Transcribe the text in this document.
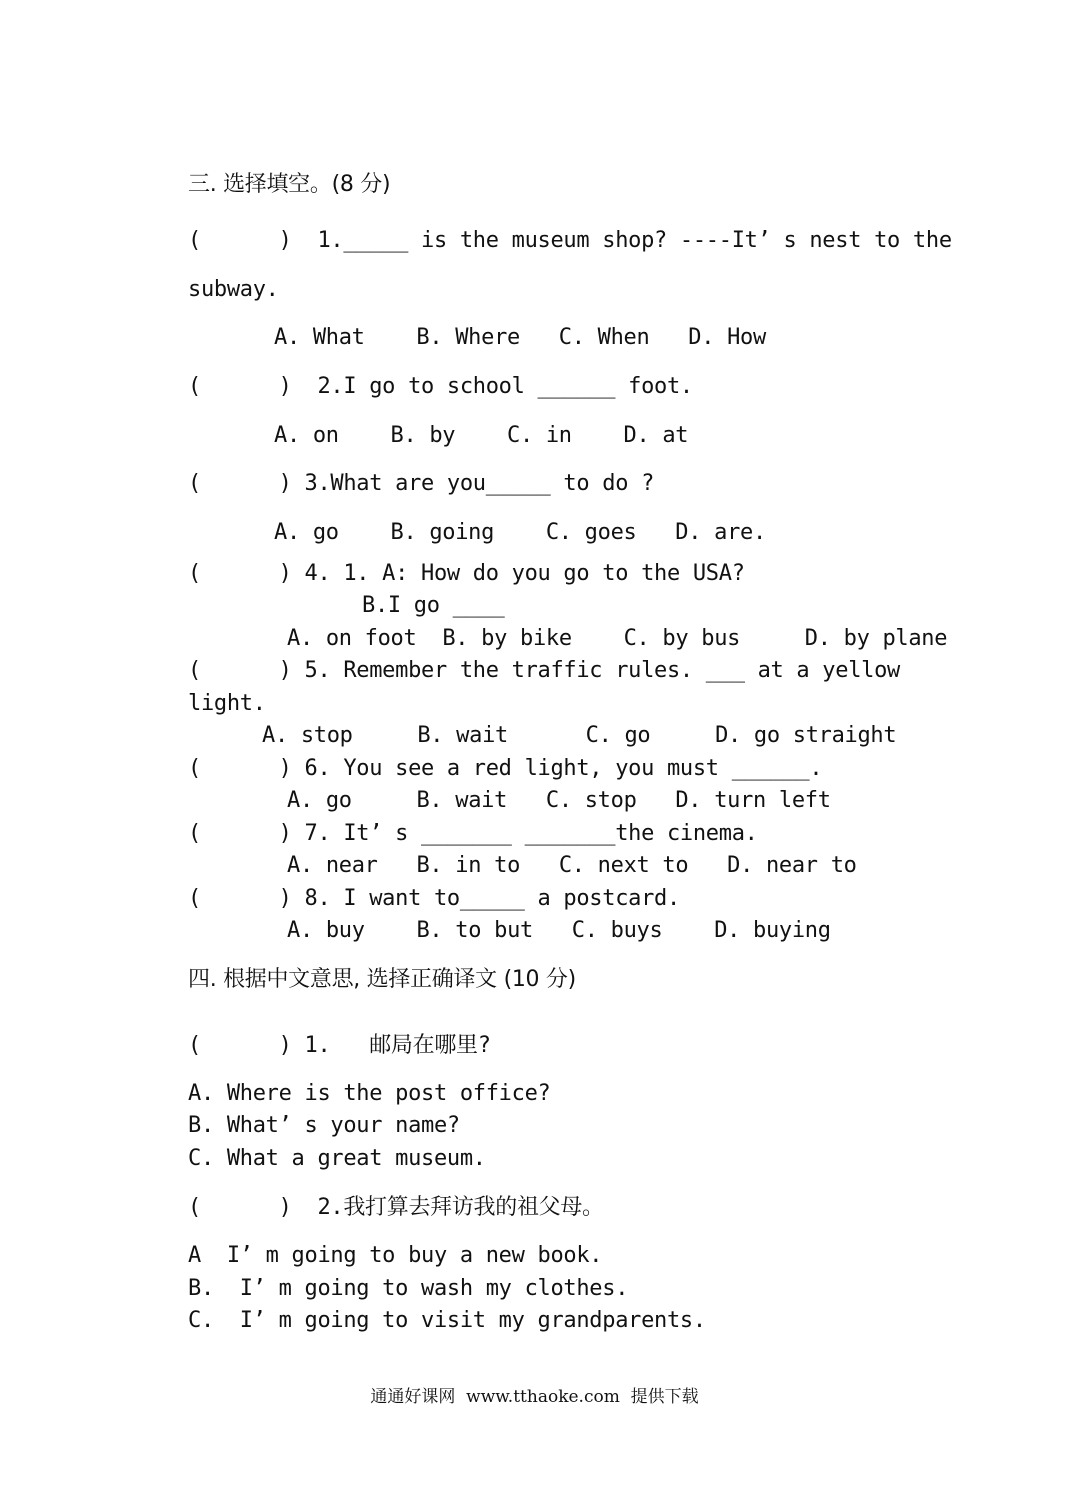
三. 选择填空。(8 分)
(      )  1._____ is the museum shop? ----It’ s nest to the
subway.
A. What    B. Where   C. When   D. How
(      )  2.I go to school ______ foot.
A. on    B. by    C. in    D. at
(      ) 3.What are you_____ to do ?
A. go    B. going    C. goes   D. are.
(      ) 4. 1. A: How do you go to the USA?
B.I go ____
A. on foot  B. by bike    C. by bus     D. by plane
(      ) 5. Remember the traffic rules. ___ at a yellow
light.
A. stop     B. wait      C. go     D. go straight
(      ) 6. You see a red light, you must ______.
A. go     B. wait   C. stop   D. turn left
(      ) 7. It’ s _______ _______the cinema.
A. near   B. in to   C. next to   D. near to
(      ) 8. I want to_____ a postcard.
A. buy    B. to but   C. buys    D. buying
四. 根据中文意思, 选择正确译文 (10 分)
(      ) 1.   邮局在哪里?
A. Where is the post office?
B. What’ s your name?
C. What a great museum.
(      )  2.我打算去拜访我的祖父母。
A  I’ m going to buy a new book.
B.  I’ m going to wash my clothes.
C.  I’ m going to visit my grandparents.
通通好课网  www.tthaoke.com  提供下载
